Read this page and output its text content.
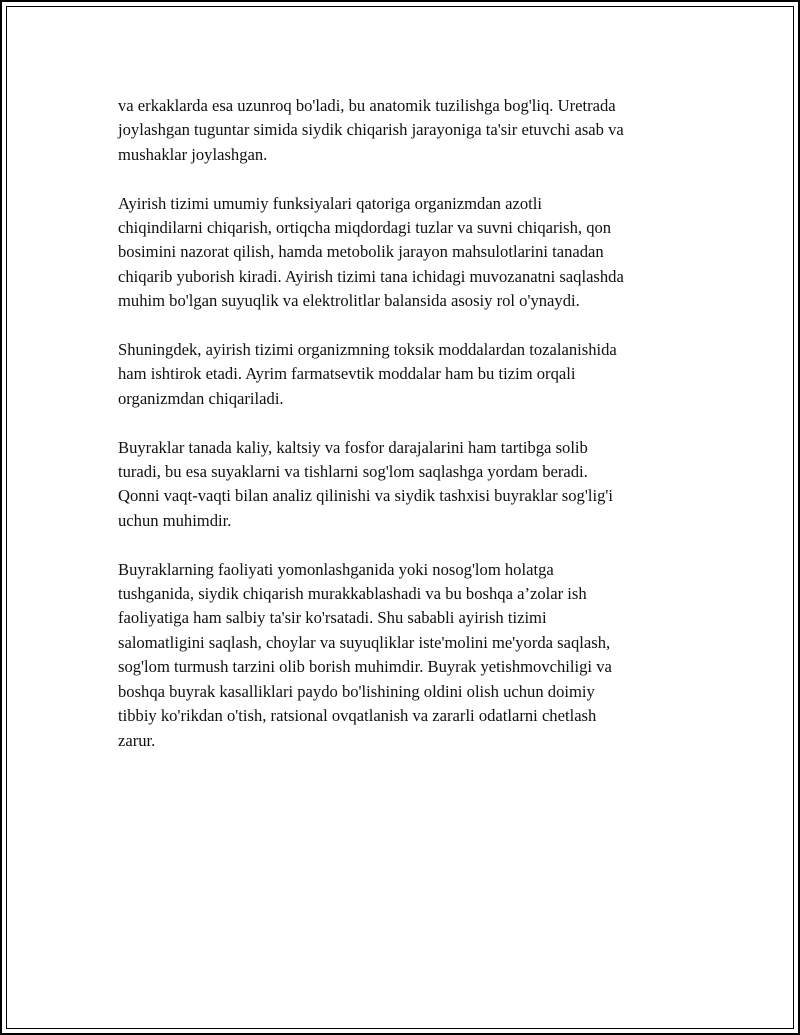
va erkaklarda esa uzunroq bo'ladi, bu anatomik tuzilishga bog'liq. Uretrada
joylashgan tuguntar simida siydik chiqarish jarayoniga ta'sir etuvchi asab va
mushaklar joylashgan.

Ayirish tizimi umumiy funksiyalari qatoriga organizmdan azotli
chiqindilarni chiqarish, ortiqcha miqdordagi tuzlar va suvni chiqarish, qon
bosimini nazorat qilish, hamda metobolik jarayon mahsulotlarini tanadan
chiqarib yuborish kiradi. Ayirish tizimi tana ichidagi muvozanatni saqlashda
muhim bo'lgan suyuqlik va elektrolitlar balansida asosiy rol o'ynaydi.

Shuningdek, ayirish tizimi organizmning toksik moddalardan tozalanishida
ham ishtirok etadi. Ayrim farmatsevtik moddalar ham bu tizim orqali
organizmdan chiqariladi.

Buyraklar tanada kaliy, kaltsiy va fosfor darajalarini ham tartibga solib
turadi, bu esa suyaklarni va tishlarni sog'lom saqlashga yordam beradi.
Qonni vaqt-vaqti bilan analiz qilinishi va siydik tashxisi buyraklar sog'lig'i
uchun muhimdir.

Buyraklarning faoliyati yomonlashganida yoki nosog'lom holatga
tushganida, siydik chiqarish murakkablashadi va bu boshqa a’zolar ish
faoliyatiga ham salbiy ta'sir ko'rsatadi. Shu sababli ayirish tizimi
salomatligini saqlash, choylar va suyuqliklar iste'molini me'yorda saqlash,
sog'lom turmush tarzini olib borish muhimdir. Buyrak yetishmovchiligi va
boshqa buyrak kasalliklari paydo bo'lishining oldini olish uchun doimiy
tibbiy ko'rikdan o'tish, ratsional ovqatlanish va zararli odatlarni chetlash
zarur.
